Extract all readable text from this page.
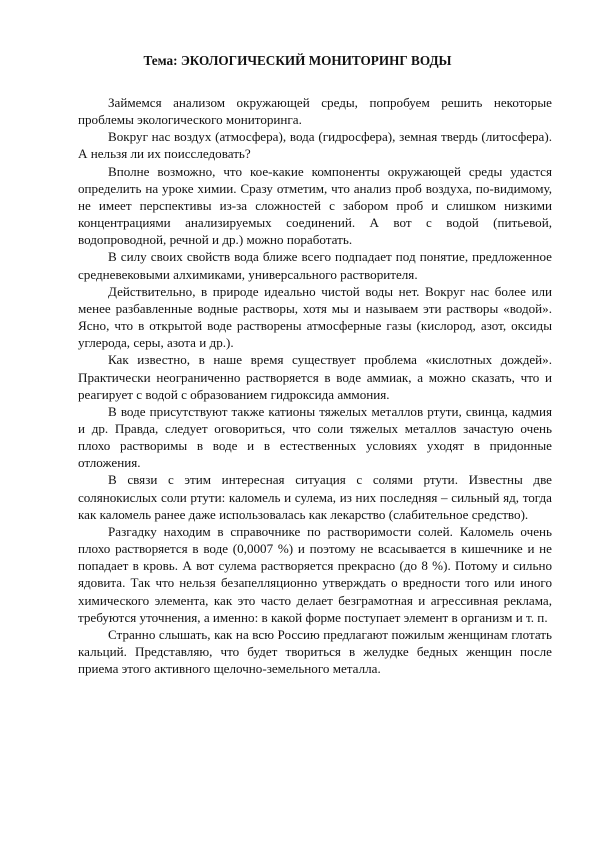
Тема: ЭКОЛОГИЧЕСКИЙ МОНИТОРИНГ ВОДЫ

Займемся анализом окружающей среды, попробуем решить некоторые проблемы экологического мониторинга.

Вокруг нас воздух (атмосфера), вода (гидросфера), земная твердь (литосфера). А нельзя ли их поисследовать?

Вполне возможно, что кое-какие компоненты окружающей среды удастся определить на уроке химии. Сразу отметим, что анализ проб воздуха, по-видимому, не имеет перспективы из-за сложностей с забором проб и слишком низкими концентрациями анализируемых соединений. А вот с водой (питьевой, водопроводной, речной и др.) можно поработать.

В силу своих свойств вода ближе всего подпадает под понятие, предложенное средневековыми алхимиками, универсального растворителя.

Действительно, в природе идеально чистой воды нет. Вокруг нас более или менее разбавленные водные растворы, хотя мы и называем эти растворы «водой». Ясно, что в открытой воде растворены атмосферные газы (кислород, азот, оксиды углерода, серы, азота и др.).

Как известно, в наше время существует проблема «кислотных дождей». Практически неограниченно растворяется в воде аммиак, а можно сказать, что и реагирует с водой с образованием гидроксида аммония.

В воде присутствуют также катионы тяжелых металлов ртути, свинца, кадмия и др. Правда, следует оговориться, что соли тяжелых металлов зачастую очень плохо растворимы в воде и в естественных условиях уходят в придонные отложения.

В связи с этим интересная ситуация с солями ртути. Известны две солянокислых соли ртути: каломель и сулема, из них последняя – сильный яд, тогда как каломель ранее даже использовалась как лекарство (слабительное средство).

Разгадку находим в справочнике по растворимости солей. Каломель очень плохо растворяется в воде (0,0007 %) и поэтому не всасывается в кишечнике и не попадает в кровь. А вот сулема растворяется прекрасно (до 8 %). Потому и сильно ядовита. Так что нельзя безапелляционно утверждать о вредности того или иного химического элемента, как это часто делает безграмотная и агрессивная реклама, требуются уточнения, а именно: в какой форме поступает элемент в организм и т. п.

Странно слышать, как на всю Россию предлагают пожилым женщинам глотать кальций. Представляю, что будет твориться в желудке бедных женщин после приема этого активного щелочно-земельного металла.
